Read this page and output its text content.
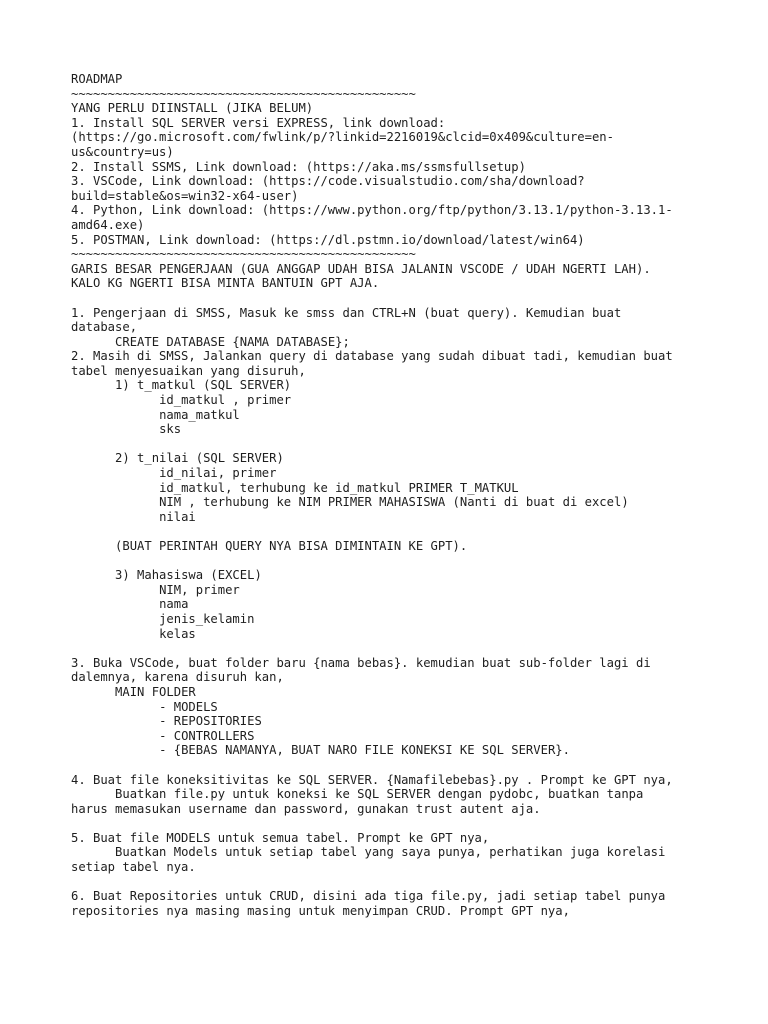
ROADMAP
~~~~~~~~~~~~~~~~~~~~~~~~~~~~~~~~~~~~~~~~~~~~~~~
YANG PERLU DIINSTALL (JIKA BELUM)
1. Install SQL SERVER versi EXPRESS, link download:
(https://go.microsoft.com/fwlink/p/?linkid=2216019&clcid=0x409&culture=en-
us&country=us)
2. Install SSMS, Link download: (https://aka.ms/ssmsfullsetup)
3. VSCode, Link download: (https://code.visualstudio.com/sha/download?
build=stable&os=win32-x64-user)
4. Python, Link download: (https://www.python.org/ftp/python/3.13.1/python-3.13.1-
amd64.exe)
5. POSTMAN, Link download: (https://dl.pstmn.io/download/latest/win64)
~~~~~~~~~~~~~~~~~~~~~~~~~~~~~~~~~~~~~~~~~~~~~~~
GARIS BESAR PENGERJAAN (GUA ANGGAP UDAH BISA JALANIN VSCODE / UDAH NGERTI LAH).
KALO KG NGERTI BISA MINTA BANTUIN GPT AJA.
1. Pengerjaan di SMSS, Masuk ke smss dan CTRL+N (buat query). Kemudian buat
database,
CREATE DATABASE {NAMA DATABASE};
2. Masih di SMSS, Jalankan query di database yang sudah dibuat tadi, kemudian buat
tabel menyesuaikan yang disuruh,
1) t_matkul (SQL SERVER)
id_matkul , primer
nama_matkul
sks
2) t_nilai (SQL SERVER)
id_nilai, primer
id_matkul, terhubung ke id_matkul PRIMER T_MATKUL
NIM , terhubung ke NIM PRIMER MAHASISWA (Nanti di buat di excel)
nilai
(BUAT PERINTAH QUERY NYA BISA DIMINTAIN KE GPT).
3) Mahasiswa (EXCEL)
NIM, primer
nama
jenis_kelamin
kelas
3. Buka VSCode, buat folder baru {nama bebas}. kemudian buat sub-folder lagi di
dalemnya, karena disuruh kan,
MAIN FOLDER
- MODELS
- REPOSITORIES
- CONTROLLERS
- {BEBAS NAMANYA, BUAT NARO FILE KONEKSI KE SQL SERVER}.
4. Buat file koneksitivitas ke SQL SERVER. {Namafilebebas}.py . Prompt ke GPT nya,
Buatkan file.py untuk koneksi ke SQL SERVER dengan pydobc, buatkan tanpa
harus memasukan username dan password, gunakan trust autent aja.
5. Buat file MODELS untuk semua tabel. Prompt ke GPT nya,
Buatkan Models untuk setiap tabel yang saya punya, perhatikan juga korelasi
setiap tabel nya.
6. Buat Repositories untuk CRUD, disini ada tiga file.py, jadi setiap tabel punya
repositories nya masing masing untuk menyimpan CRUD. Prompt GPT nya,
